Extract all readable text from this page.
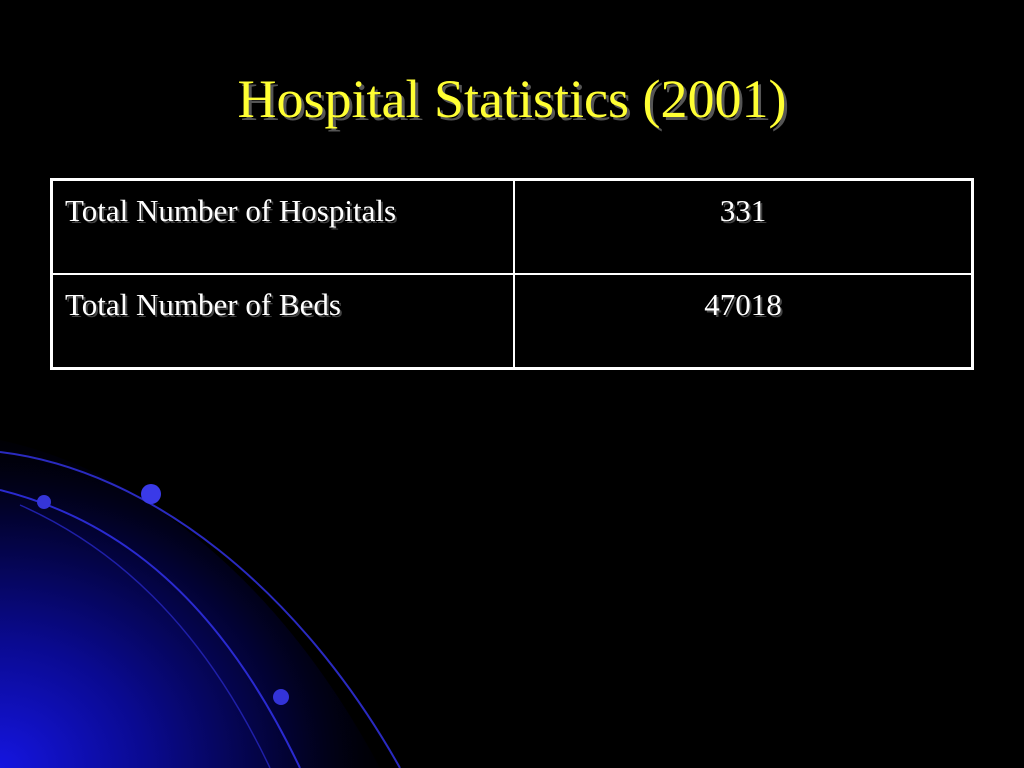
Hospital Statistics (2001)
Total Number of Hospitals	331
Total Number of Beds	47018
